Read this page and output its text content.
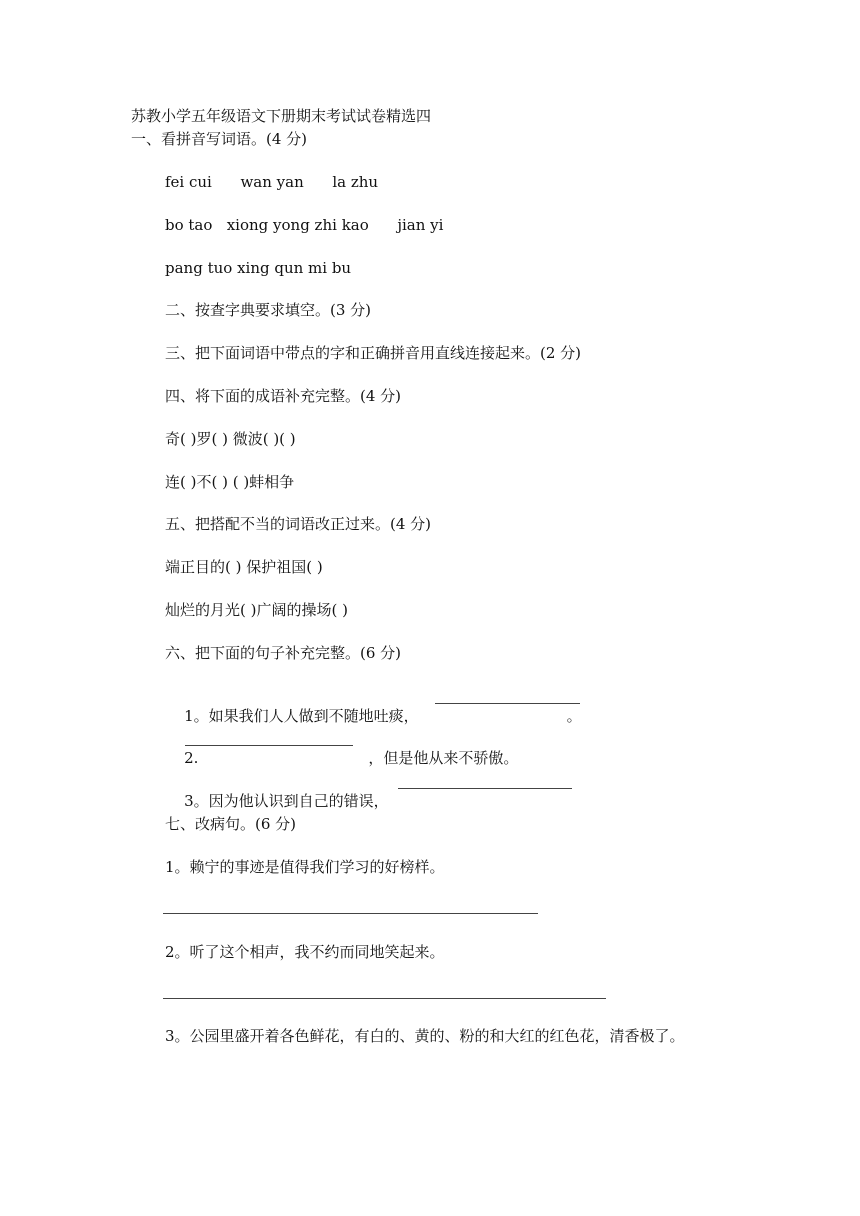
苏教小学五年级语文下册期末考试试卷精选四
一、看拼音写词语。(4 分)
fei cui      wan yan      la zhu
bo tao   xiong yong zhi kao      jian yi
pang tuo xing qun mi bu
二、按查字典要求填空。(3 分)
三、把下面词语中带点的字和正确拼音用直线连接起来。(2 分)
四、将下面的成语补充完整。(4 分)
奇( )罗( ) 微波( )( )
连( )不( ) ( )蚌相争
五、把搭配不当的词语改正过来。(4 分)
端正目的( ) 保护祖国( )
灿烂的月光( )广阔的操场( )
六、把下面的句子补充完整。(6 分)

1。如果我们人人做到不随地吐痰，	。

2.	，但是他从来不骄傲。

3。因为他认识到自己的错误，

七、改病句。(6 分)
1。赖宁的事迹是值得我们学习的好榜样。
2。听了这个相声，我不约而同地笑起来。
3。公园里盛开着各色鲜花，有白的、黄的、粉的和大红的红色花，清香极了。
